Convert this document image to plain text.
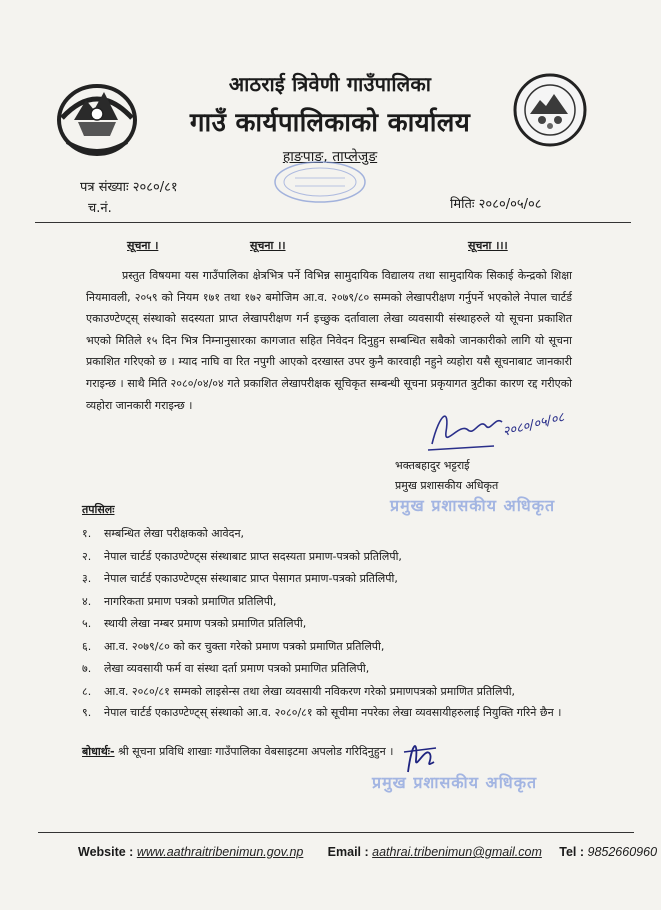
आठराई त्रिवेणी गाउँपालिका
गाउँ कार्यपालिकाको कार्यालय
हाङपाङ, ताप्लेजुङ
पत्र संख्याः २०८०/८१
च.नं.	मितिः २०८०/०५/०८
सूचना ।	सूचना ।।	सूचना ।।।

प्रस्तुत विषयमा यस गाउँपालिका क्षेत्रभित्र पर्ने विभिन्न सामुदायिक विद्यालय तथा सामुदायिक सिकाई केन्द्रको शिक्षा नियमावली, २०५९ को नियम १७१ तथा १७२ बमोजिम आ.व. २०७९/८० सम्मको लेखापरीक्षण गर्नुपर्ने भएकोले नेपाल चार्टर्ड एकाउण्टेण्ट्स् संस्थाको सदस्यता प्राप्त लेखापरीक्षण गर्न इच्छुक दर्तावाला लेखा व्यवसायी संस्थाहरुले यो सूचना प्रकाशित भएको मितिले १५ दिन भित्र निम्नानुसारका कागजात सहित निवेदन दिनुहुन सम्बन्धित सबैको जानकारीको लागि यो सूचना प्रकाशित गरिएको छ । म्याद नाघि वा रित नपुगी आएको दरखास्त उपर कुनै कारवाही नहुने व्यहोरा यसै सूचनाबाट जानकारी गराइन्छ । साथै मिति २०८०/०४/०४ गते प्रकाशित लेखापरीक्षक सूचिकृत सम्बन्धी सूचना प्रकृयागत त्रुटीका कारण रद्द गरीएको व्यहोरा जानकारी गराइन्छ ।

२०८०/०५/०८
भक्तबहादुर भट्टराई
प्रमुख प्रशासकीय अधिकृत
प्रमुख प्रशासकीय अधिकृत
तपसिलः
१.	सम्बन्धित लेखा परीक्षकको आवेदन,
२.	नेपाल चार्टर्ड एकाउण्टेण्ट्स संस्थाबाट प्राप्त सदस्यता प्रमाण-पत्रको प्रतिलिपी,
३.	नेपाल चार्टर्ड एकाउण्टेण्ट्स संस्थाबाट प्राप्त पेसागत प्रमाण-पत्रको प्रतिलिपी,
४.	नागरिकता प्रमाण पत्रको प्रमाणित प्रतिलिपी,
५.	स्थायी लेखा नम्बर प्रमाण पत्रको प्रमाणित प्रतिलिपी,
६.	आ.व. २०७९/८० को कर चुक्ता गरेको प्रमाण पत्रको प्रमाणित प्रतिलिपी,
७.	लेखा व्यवसायी फर्म वा संस्था दर्ता प्रमाण पत्रको प्रमाणित प्रतिलिपी,
८.	आ.व. २०८०/८१ सम्मको लाइसेन्स तथा लेखा व्यवसायी नविकरण गरेको प्रमाणपत्रको प्रमाणित प्रतिलिपी,
९.	नेपाल चार्टर्ड एकाउण्टेण्ट्स् संस्थाको आ.व. २०८०/८१ को सूचीमा नपरेका लेखा व्यवसायीहरुलाई नियुक्ति गरिने छैन ।
बोधार्थः- श्री सूचना प्रविधि शाखाः गाउँपालिका वेबसाइटमा अपलोड गरिदिनुहुन ।
प्रमुख प्रशासकीय अधिकृत
Website : www.aathraitribenimun.gov.np Email : aathrai.tribenimun@gmail.com Tel : 9852660960
